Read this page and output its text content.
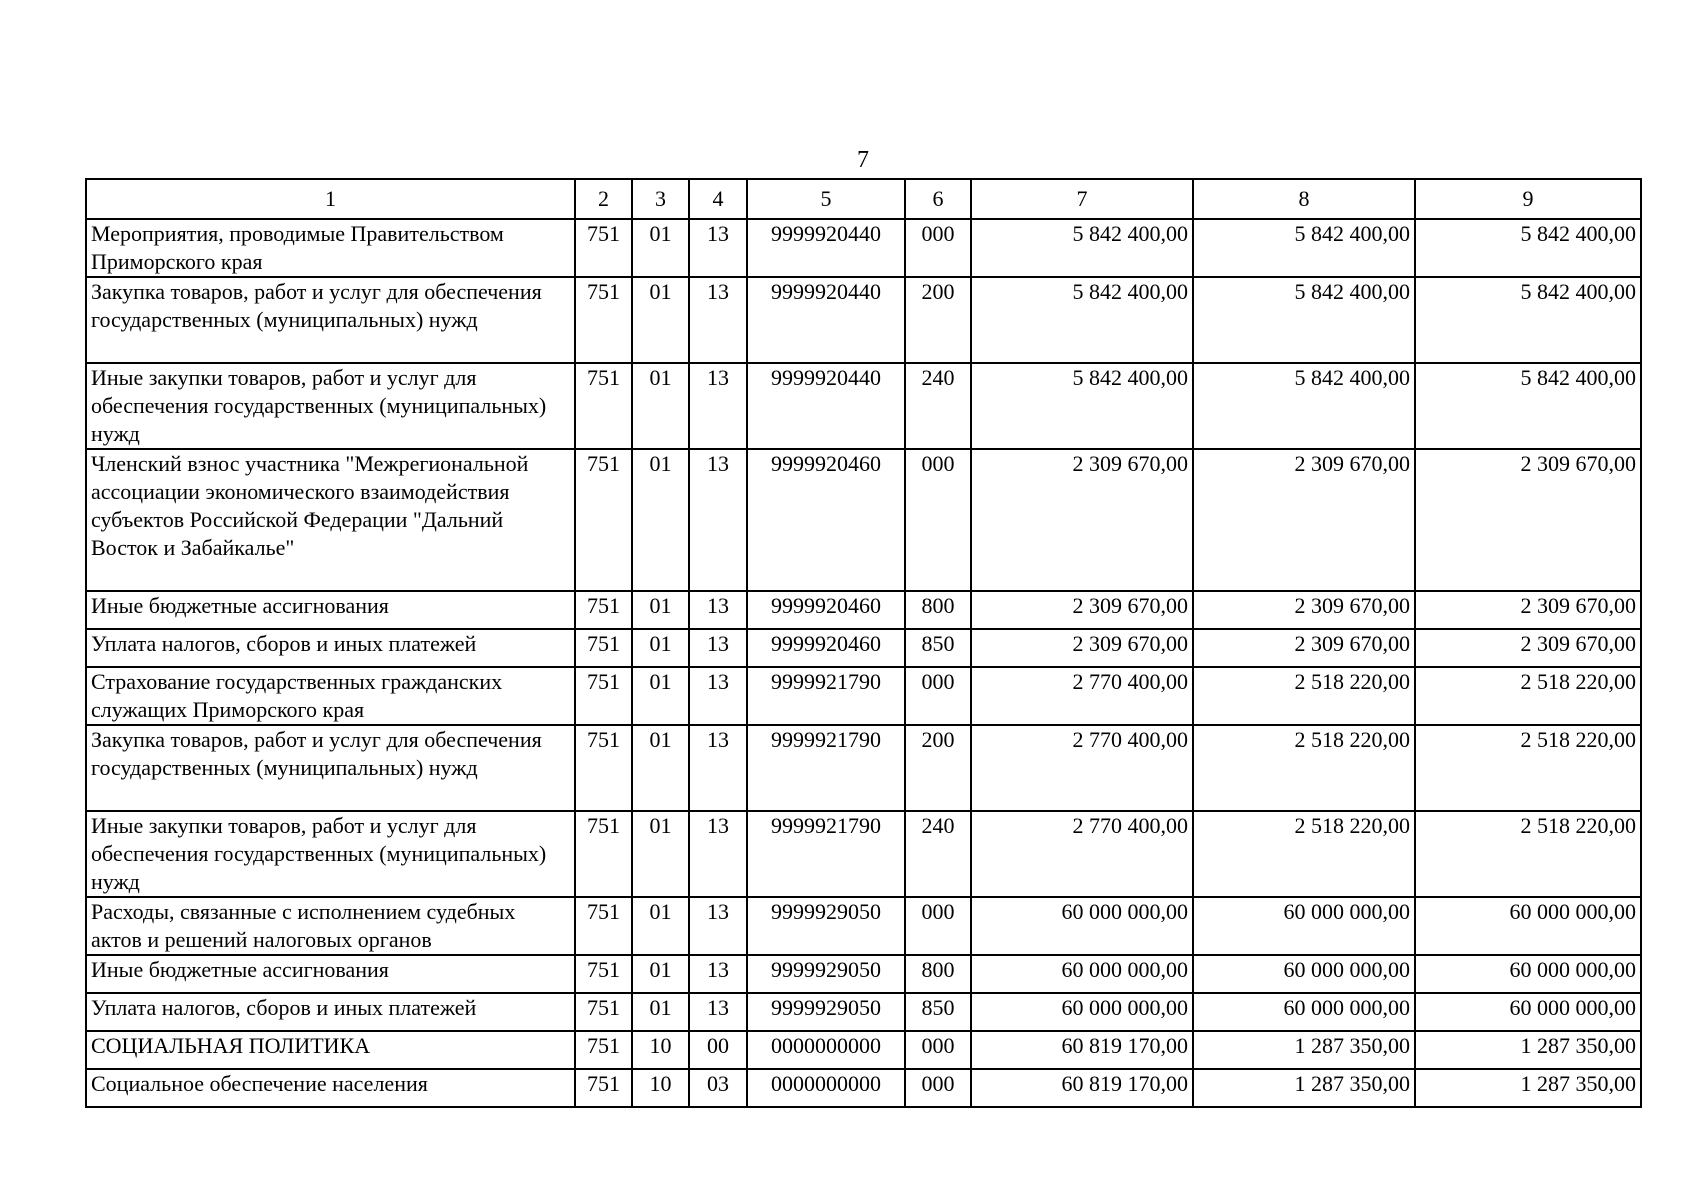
7
1	2	3	4	5	6	7	8	9
Мероприятия, проводимые Правительством Приморского края	751	01	13	9999920440	000	5 842 400,00	5 842 400,00	5 842 400,00
Закупка товаров, работ и услуг для обеспечения государственных (муниципальных) нужд	751	01	13	9999920440	200	5 842 400,00	5 842 400,00	5 842 400,00
Иные закупки товаров, работ и услуг для обеспечения государственных (муниципальных) нужд	751	01	13	9999920440	240	5 842 400,00	5 842 400,00	5 842 400,00
Членский взнос участника "Межрегиональной ассоциации экономического взаимодействия субъектов Российской Федерации "Дальний Восток и Забайкалье"	751	01	13	9999920460	000	2 309 670,00	2 309 670,00	2 309 670,00
Иные бюджетные ассигнования	751	01	13	9999920460	800	2 309 670,00	2 309 670,00	2 309 670,00
Уплата налогов, сборов и иных платежей	751	01	13	9999920460	850	2 309 670,00	2 309 670,00	2 309 670,00
Страхование государственных гражданских служащих Приморского края	751	01	13	9999921790	000	2 770 400,00	2 518 220,00	2 518 220,00
Закупка товаров, работ и услуг для обеспечения государственных (муниципальных) нужд	751	01	13	9999921790	200	2 770 400,00	2 518 220,00	2 518 220,00
Иные закупки товаров, работ и услуг для обеспечения государственных (муниципальных) нужд	751	01	13	9999921790	240	2 770 400,00	2 518 220,00	2 518 220,00
Расходы, связанные с исполнением судебных актов и решений налоговых органов	751	01	13	9999929050	000	60 000 000,00	60 000 000,00	60 000 000,00
Иные бюджетные ассигнования	751	01	13	9999929050	800	60 000 000,00	60 000 000,00	60 000 000,00
Уплата налогов, сборов и иных платежей	751	01	13	9999929050	850	60 000 000,00	60 000 000,00	60 000 000,00
СОЦИАЛЬНАЯ ПОЛИТИКА	751	10	00	0000000000	000	60 819 170,00	1 287 350,00	1 287 350,00
Социальное обеспечение населения	751	10	03	0000000000	000	60 819 170,00	1 287 350,00	1 287 350,00
